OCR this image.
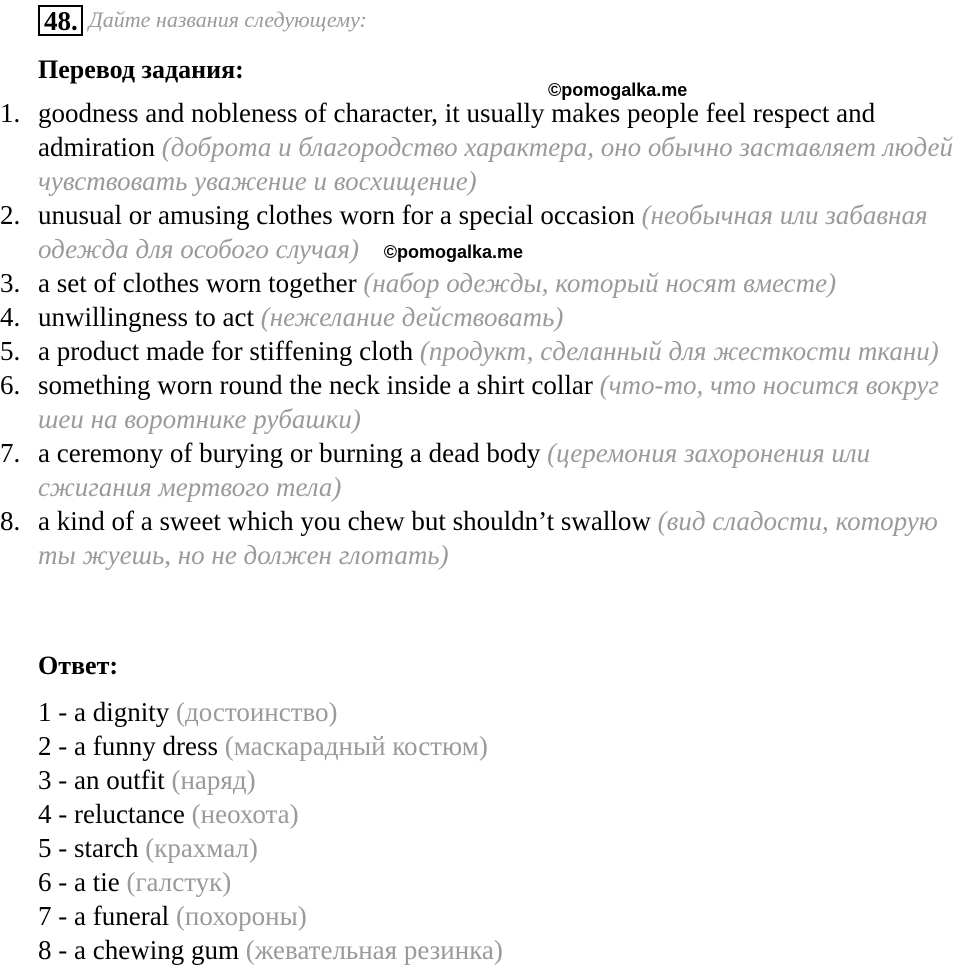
48. Дайте названия следующему:
Перевод задания:
©pomogalka.me
1. goodness and nobleness of character, it usually makes people feel respect and admiration (доброта и благородство характера, оно обычно заставляет людей чувствовать уважение и восхищение)
2. unusual or amusing clothes worn for a special occasion (необычная или забавная одежда для особого случая) ©pomogalka.me
3. a set of clothes worn together (набор одежды, который носят вместе)
4. unwillingness to act (нежелание действовать)
5. a product made for stiffening cloth (продукт, сделанный для жесткости ткани)
6. something worn round the neck inside a shirt collar (что-то, что носится вокруг шеи на воротнике рубашки)
7. a ceremony of burying or burning a dead body (церемония захоронения или сжигания мертвого тела)
8. a kind of a sweet which you chew but shouldn’t swallow (вид сладости, которую ты жуешь, но не должен глотать)
Ответ:
1 - a dignity (достоинство)
2 - a funny dress (маскарадный костюм)
3 - an outfit (наряд)
4 - reluctance (неохота)
5 - starch (крахмал)
6 - a tie (галстук)
7 - a funeral (похороны)
8 - a chewing gum (жевательная резинка)
